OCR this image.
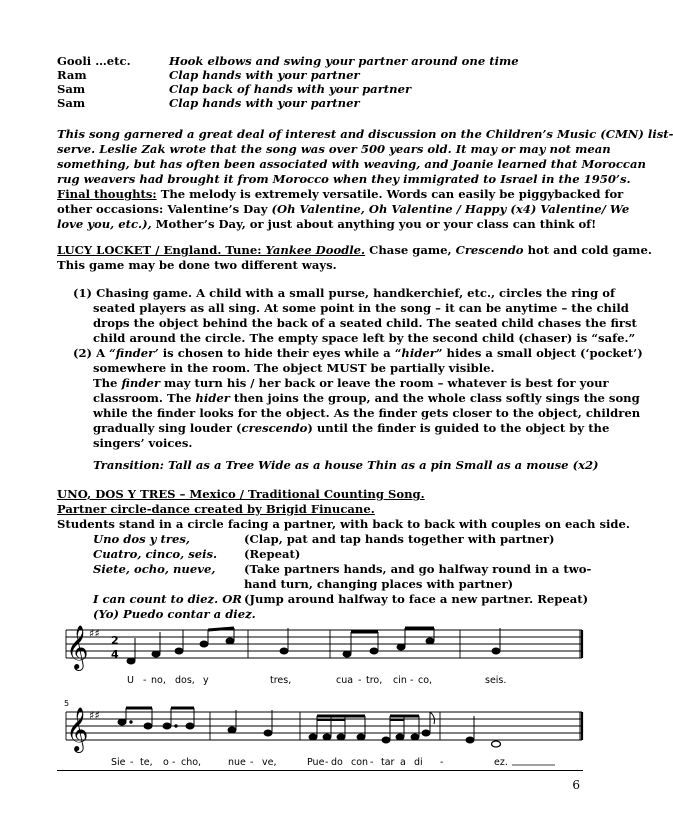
Gooli …etc.	Hook elbows and swing your partner around one time
Ram	Clap hands with your partner
Sam	Clap back of hands with your partner
Sam	Clap hands with your partner
This song garnered a great deal of interest and discussion on the Children’s Music (CMN) list-
serve. Leslie Zak wrote that the song was over 500 years old. It may or may not mean
something, but has often been associated with weaving, and Joanie learned that Moroccan
rug weavers had brought it from Morocco when they immigrated to Israel in the 1950’s.
Final thoughts: The melody is extremely versatile. Words can easily be piggybacked for
other occasions: Valentine’s Day (Oh Valentine, Oh Valentine / Happy (x4) Valentine/ We
love you, etc.), Mother’s Day, or just about anything you or your class can think of!
LUCY LOCKET / England. Tune: Yankee Doodle. Chase game, Crescendo hot and cold game.
This game may be done two different ways.
(1) Chasing game. A child with a small purse, handkerchief, etc., circles the ring of
seated players as all sing. At some point in the song – it can be anytime – the child
drops the object behind the back of a seated child. The seated child chases the first
child around the circle. The empty space left by the second child (chaser) is “safe.”
(2) A “finder’ is chosen to hide their eyes while a “hider” hides a small object (‘pocket’)
somewhere in the room. The object MUST be partially visible.
The finder may turn his / her back or leave the room – whatever is best for your
classroom. The hider then joins the group, and the whole class softly sings the song
while the finder looks for the object. As the finder gets closer to the object, children
gradually sing louder (crescendo) until the finder is guided to the object by the
singers’ voices.
Transition: Tall as a Tree Wide as a house Thin as a pin Small as a mouse (x2)
UNO, DOS Y TRES – Mexico / Traditional Counting Song.
Partner circle-dance created by Brigid Finucane.
Students stand in a circle facing a partner, with back to back with couples on each side.
Uno dos y tres,	(Clap, pat and tap hands together with partner)
Cuatro, cinco, seis. (Repeat)
Siete, ocho, nueve, (Take partners hands, and go halfway round in a two-
hand turn, changing places with partner)
I can count to diez. OR (Jump around halfway to face a new partner. Repeat)
(Yo) Puedo contar a diez.
𝄞 ♯♯
2
4
U - no, dos, y	tres,	cua - tro, cin - co,	seis.
5
𝄞 ♯♯
Sie - te, o - cho,	nue - ve,	Pue - do con - tar a di -	ez.
6
